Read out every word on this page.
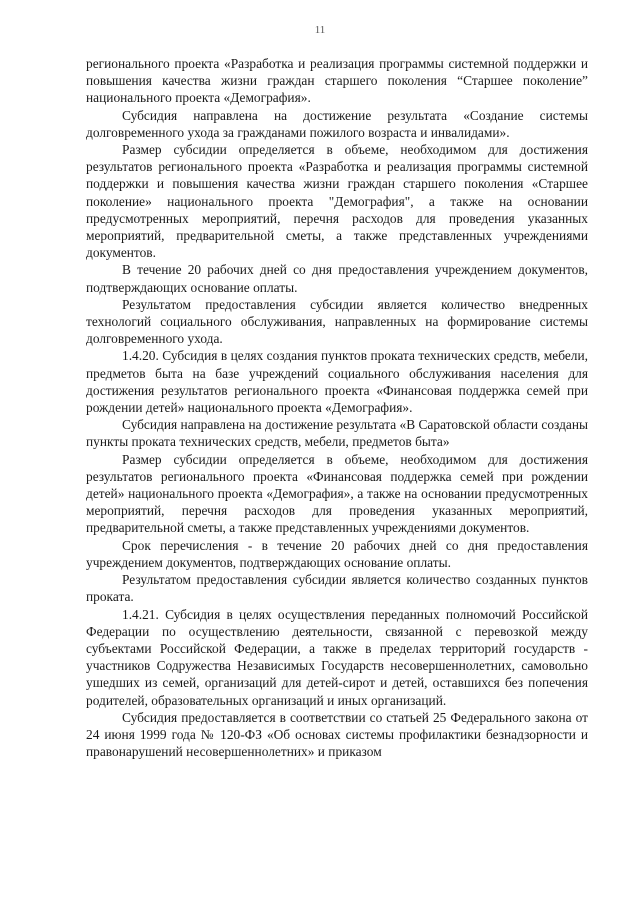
11

регионального проекта «Разработка и реализация программы системной поддержки и повышения качества жизни граждан старшего поколения “Старшее поколение” национального проекта «Демография».

Субсидия направлена на достижение результата «Создание системы долговременного ухода за гражданами пожилого возраста и инвалидами».

Размер субсидии определяется в объеме, необходимом для достижения результатов регионального проекта «Разработка и реализация программы системной поддержки и повышения качества жизни граждан старшего поколения «Старшее поколение» национального проекта "Демография", а также на основании предусмотренных мероприятий, перечня расходов для проведения указанных мероприятий, предварительной сметы, а также представленных учреждениями документов.

В течение 20 рабочих дней со дня предоставления учреждением документов, подтверждающих основание оплаты.

Результатом предоставления субсидии является количество внедренных технологий социального обслуживания, направленных на формирование системы долговременного ухода.

1.4.20. Субсидия в целях создания пунктов проката технических средств, мебели, предметов быта на базе учреждений социального обслуживания населения для достижения результатов регионального проекта «Финансовая поддержка семей при рождении детей» национального проекта «Демография».

Субсидия направлена на достижение результата «В Саратовской области созданы пункты проката технических средств, мебели, предметов быта»

Размер субсидии определяется в объеме, необходимом для достижения результатов регионального проекта «Финансовая поддержка семей при рождении детей» национального проекта «Демография», а также на основании предусмотренных мероприятий, перечня расходов для проведения указанных мероприятий, предварительной сметы, а также представленных учреждениями документов.

Срок перечисления - в течение 20 рабочих дней со дня предоставления учреждением документов, подтверждающих основание оплаты.

Результатом предоставления субсидии является количество созданных пунктов проката.

1.4.21. Субсидия в целях осуществления переданных полномочий Российской Федерации по осуществлению деятельности, связанной с перевозкой между субъектами Российской Федерации, а также в пределах территорий государств - участников Содружества Независимых Государств несовершеннолетних, самовольно ушедших из семей, организаций для детей-сирот и детей, оставшихся без попечения родителей, образовательных организаций и иных организаций.

Субсидия предоставляется в соответствии со статьей 25 Федерального закона от 24 июня 1999 года № 120-ФЗ «Об основах системы профилактики безнадзорности и правонарушений несовершеннолетних» и приказом
